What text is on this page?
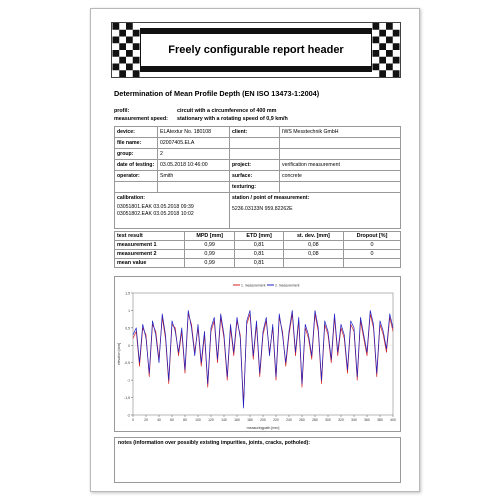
Freely configurable report header
Determination of Mean Profile Depth (EN ISO 13473-1:2004)
profil:	circuit with a circumference of 400 mm
measurement speed:	stationary with a rotating speed of 0,9 km/h
device:	ELAtextur No. 180108	client:	IWS Messtechnik GmbH
file name:	02007405.ELA		
group:	2		
date of testing:	03.05.2018 10:46:00	project:	verification measurement
operator:	Smith	surface:	concrete
		texturing:	

calibration:
03051801.EAK 03.05.2018 09:39
03051802.EAK 03.05.2018 10:02		station / point of measurement:
5236.03133N 959.82262E	
test result	MPD [mm]	ETD [mm]	st. dev. [mm]	Dropout [%]
measurement 1	0,99	0,81	0,08	0
measurement 2	0,99	0,81	0,08	0
mean value	0,99	0,81		
1,5
1
0,5
0
-0,5
-1
-1,5
-2
0	20	40	60	80 100 120 140 160 180 200 220 240 260 280 300 320 340 360 380 400
measuringpath [mm]
elevation [mm]
1. measurement	2. measurement
notes (information over possibly existing impurities, joints, cracks, potholed):
